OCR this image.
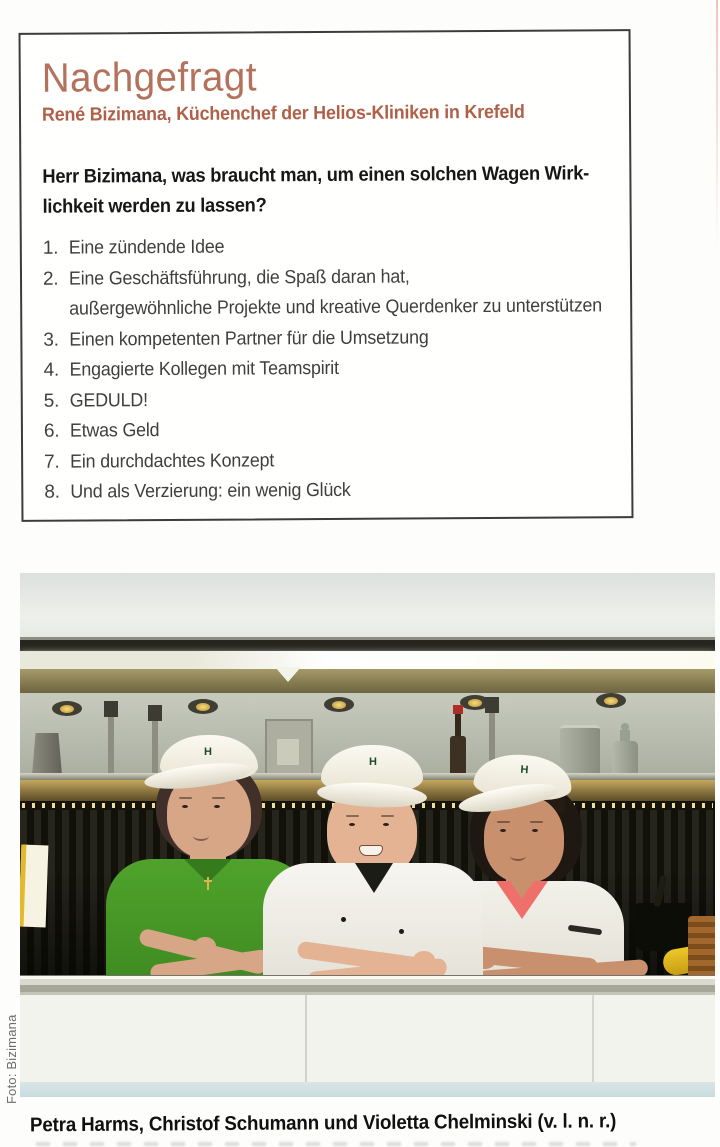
Nachgefragt
René Bizimana, Küchenchef der Helios-Kliniken in Krefeld

Herr Bizimana, was braucht man, um einen solchen Wagen Wirk-
lichkeit werden zu lassen?

1. Eine zündende Idee
2. Eine Geschäftsführung, die Spaß daran hat,
außergewöhnliche Projekte und kreative Querdenker zu unterstützen
3. Einen kompetenten Partner für die Umsetzung
4. Engagierte Kollegen mit Teamspirit
5. GEDULD!
6. Etwas Geld
7. Ein durchdachtes Konzept
8. Und als Verzierung: ein wenig Glück
H
H
H
Foto: Bizimana

Petra Harms, Christof Schumann und Violetta Chelminski (v. l. n. r.)
